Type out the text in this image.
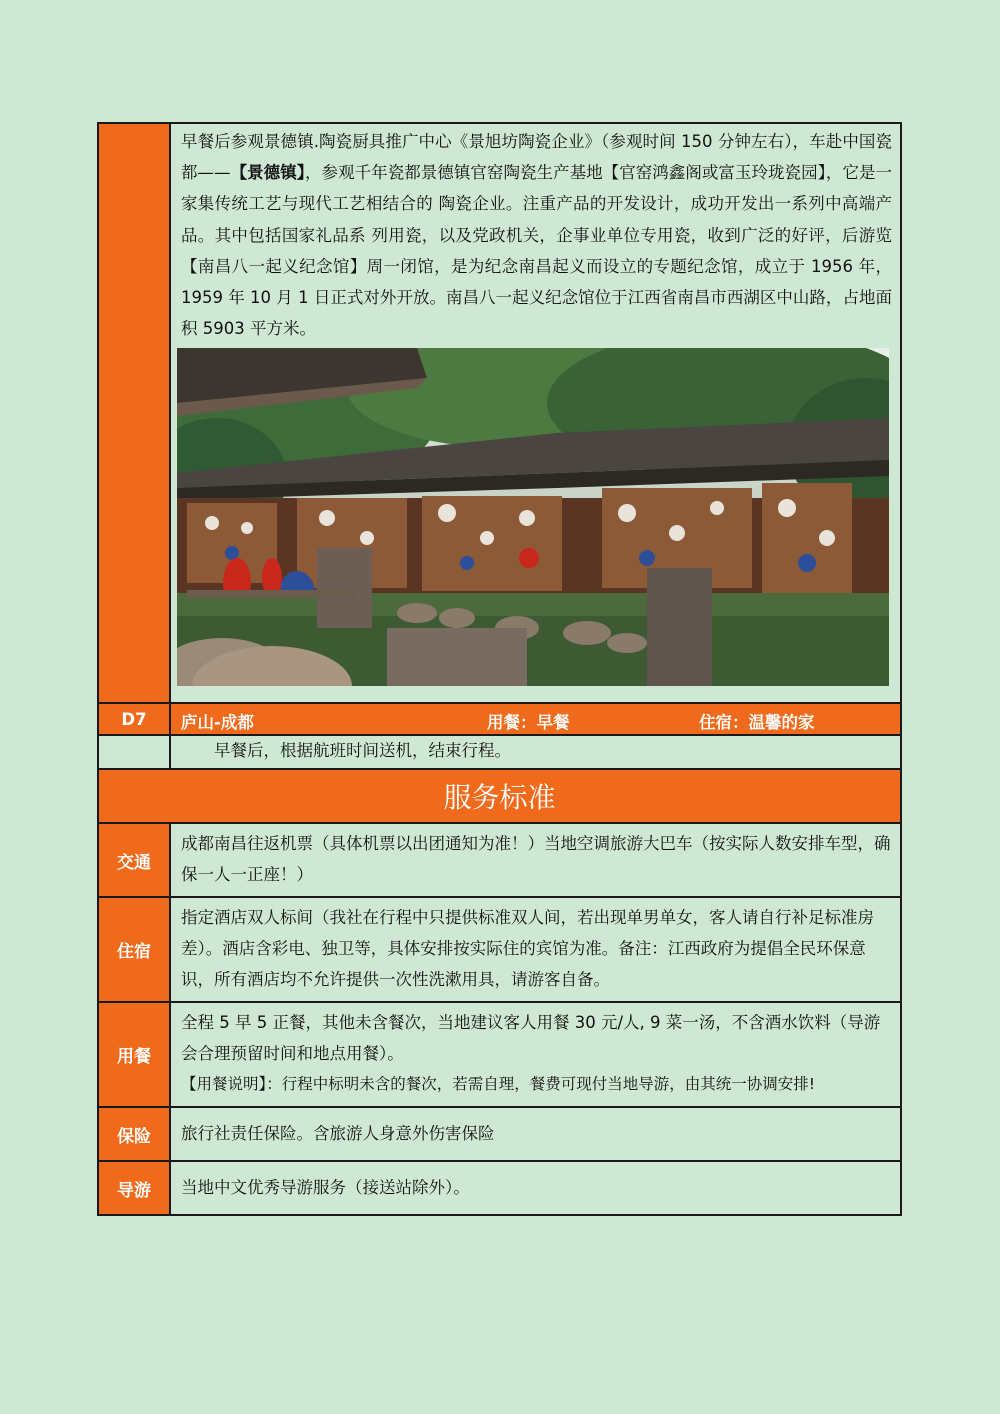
	早餐后参观景德镇.陶瓷厨具推广中心《景旭坊陶瓷企业》（参观时间 150 分钟左右），车赴中国瓷都——【景德镇】，参观千年瓷都景德镇官窑陶瓷生产基地【官窑鸿鑫阁或富玉玲珑瓷园】，它是一家集传统工艺与现代工艺相结合的 陶瓷企业。注重产品的开发设计，成功开发出一系列中高端产品。其中包括国家礼品系 列用瓷，以及党政机关，企事业单位专用瓷，收到广泛的好评，后游览【南昌八一起义纪念馆】周一闭馆，是为纪念南昌起义而设立的专题纪念馆，成立于 1956 年，1959 年 10 月 1 日正式对外开放。南昌八一起义纪念馆位于江西省南昌市西湖区中山路，占地面积 5903 平方米。

D7	庐山-成都 用餐：早餐 住宿：温馨的家

	早餐后，根据航班时间送机，结束行程。
服务标准	
交通	成都南昌往返机票（具体机票以出团通知为准！）当地空调旅游大巴车（按实际人数安排车型，确保一人一正座！）
住宿	指定酒店双人标间（我社在行程中只提供标准双人间，若出现单男单女，客人请自行补足标准房差）。酒店含彩电、独卫等，具体安排按实际住的宾馆为准。备注：江西政府为提倡全民环保意识，所有酒店均不允许提供一次性洗漱用具，请游客自备。
用餐	全程 5 早 5 正餐，其他未含餐次，当地建议客人用餐 30 元/人, 9 菜一汤，不含酒水饮料（导游会合理预留时间和地点用餐）。
【用餐说明】：行程中标明未含的餐次，若需自理，餐费可现付当地导游，由其统一协调安排!

保险	旅行社责任保险。含旅游人身意外伤害保险
导游	当地中文优秀导游服务（接送站除外）。
